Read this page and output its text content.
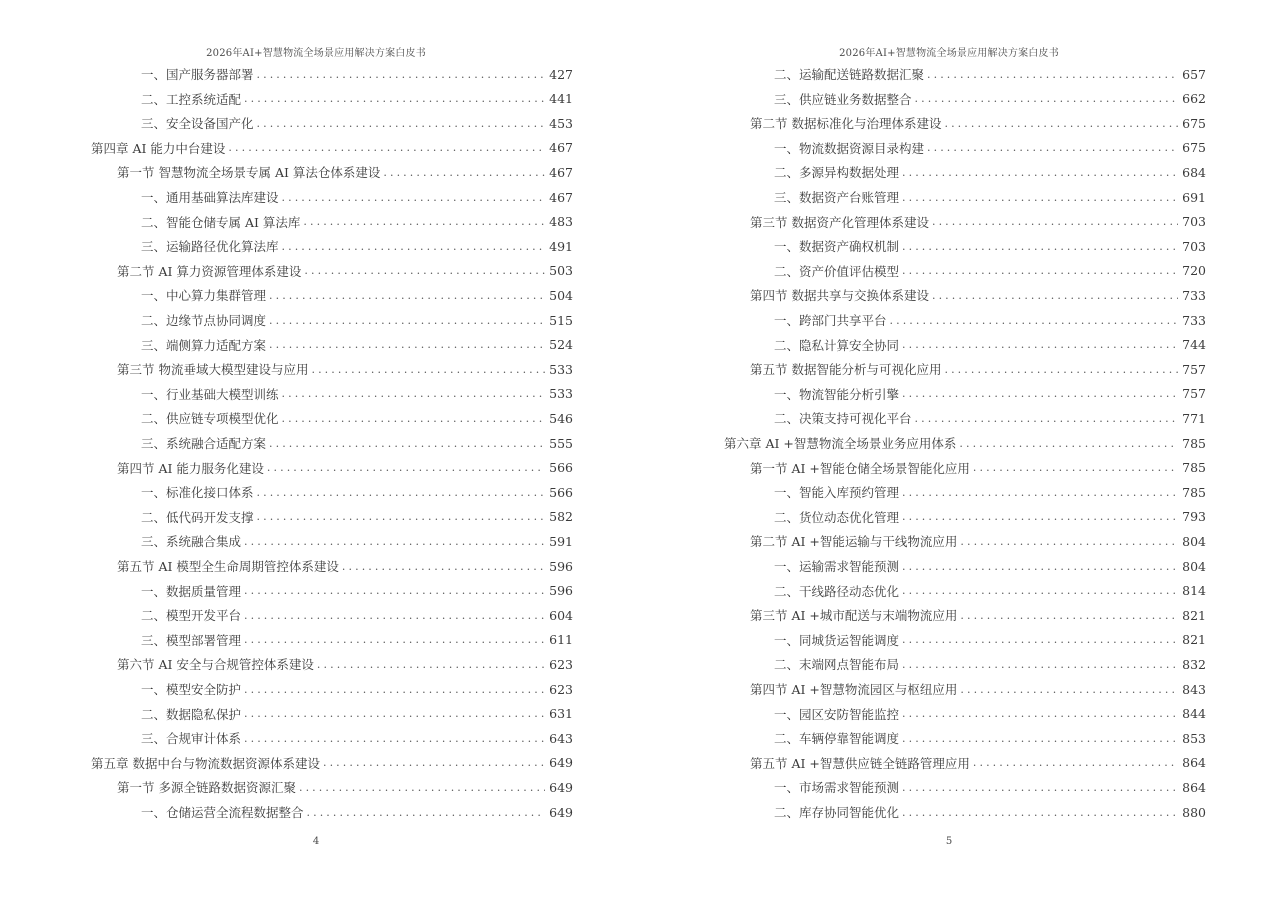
2026年AI+智慧物流全场景应用解决方案白皮书
一、国产服务器部署 .....	427
二、工控系统适配 .....	441
三、安全设备国产化 .....	453
第四章 AI 能力中台建设 .....	467
第一节 智慧物流全场景专属 AI 算法仓体系建设 .....	467
一、通用基础算法库建设 .....	467
二、智能仓储专属 AI 算法库 .....	483
三、运输路径优化算法库 .....	491
第二节 AI 算力资源管理体系建设 .....	503
一、中心算力集群管理 .....	504
二、边缘节点协同调度 .....	515
三、端侧算力适配方案 .....	524
第三节 物流垂域大模型建设与应用 .....	533
一、行业基础大模型训练 .....	533
二、供应链专项模型优化 .....	546
三、系统融合适配方案 .....	555
第四节 AI 能力服务化建设 .....	566
一、标准化接口体系 .....	566
二、低代码开发支撑 .....	582
三、系统融合集成 .....	591
第五节 AI 模型全生命周期管控体系建设 .....	596
一、数据质量管理 .....	596
二、模型开发平台 .....	604
三、模型部署管理 .....	611
第六节 AI 安全与合规管控体系建设 .....	623
一、模型安全防护 .....	623
二、数据隐私保护 .....	631
三、合规审计体系 .....	643
第五章 数据中台与物流数据资源体系建设 .....	649
第一节 多源全链路数据资源汇聚 .....	649
一、仓储运营全流程数据整合 .....	649
4
2026年AI+智慧物流全场景应用解决方案白皮书
二、运输配送链路数据汇聚 .....	657
三、供应链业务数据整合 .....	662
第二节 数据标准化与治理体系建设 .....	675
一、物流数据资源目录构建 .....	675
二、多源异构数据处理 .....	684
三、数据资产台账管理 .....	691
第三节 数据资产化管理体系建设 .....	703
一、数据资产确权机制 .....	703
二、资产价值评估模型 .....	720
第四节 数据共享与交换体系建设 .....	733
一、跨部门共享平台 .....	733
二、隐私计算安全协同 .....	744
第五节 数据智能分析与可视化应用 .....	757
一、物流智能分析引擎 .....	757
二、决策支持可视化平台 .....	771
第六章 AI +智慧物流全场景业务应用体系 .....	785
第一节 AI +智能仓储全场景智能化应用 .....	785
一、智能入库预约管理 .....	785
二、货位动态优化管理 .....	793
第二节 AI +智能运输与干线物流应用 .....	804
一、运输需求智能预测 .....	804
二、干线路径动态优化 .....	814
第三节 AI +城市配送与末端物流应用 .....	821
一、同城货运智能调度 .....	821
二、末端网点智能布局 .....	832
第四节 AI +智慧物流园区与枢纽应用 .....	843
一、园区安防智能监控 .....	844
二、车辆停靠智能调度 .....	853
第五节 AI +智慧供应链全链路管理应用 .....	864
一、市场需求智能预测 .....	864
二、库存协同智能优化 .....	880
5
